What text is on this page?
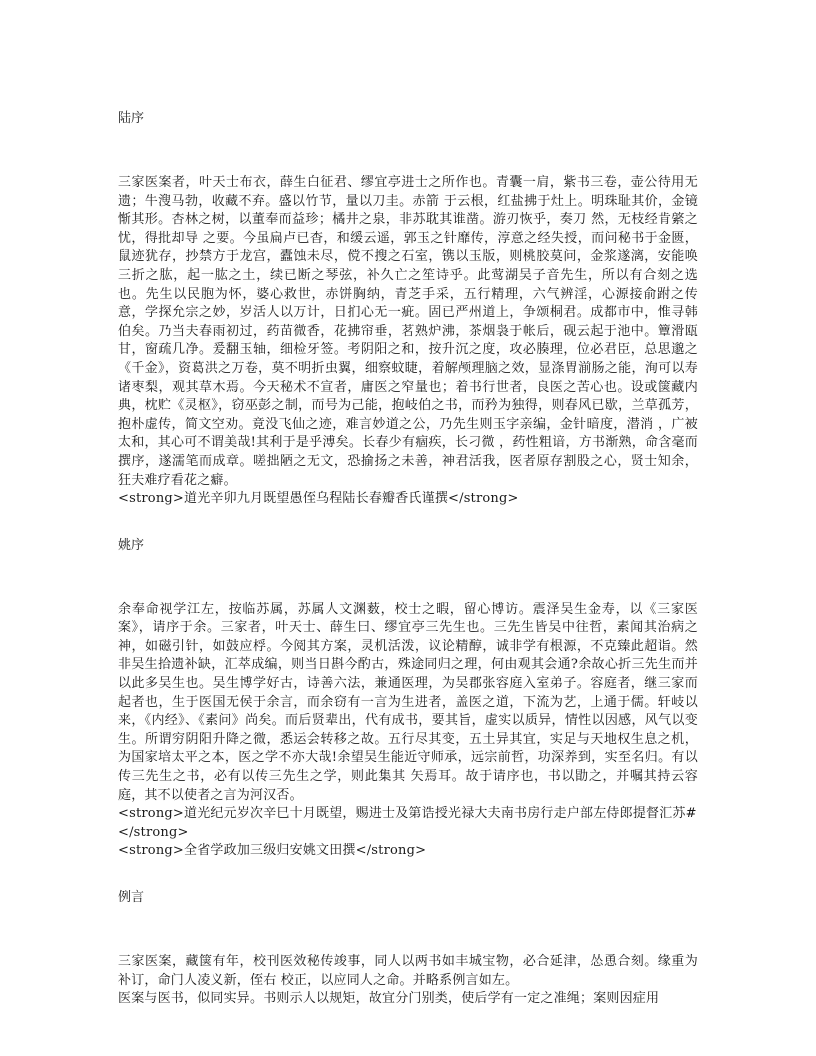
陆序

三家医案者，叶天士布衣，薛生白征君、缪宜亭进士之所作也。青囊一肩，紫书三卷，壶公待用无遗；牛溲马勃，收藏不弃。盛以竹节，量以刀圭。赤箭 于云根，红盐拂于灶上。明珠耻其价，金镜惭其形。杏林之树，以董奉而益珍；橘井之泉，非苏耽其谁凿。游刃恢乎，奏刀 然，无枝经肯綮之忧，得批却导 之要。今虽扁卢已杳，和缓云遥，郭玉之针靡传，淳意之经失授，而问秘书于金匮，鼠迹犹存，抄禁方于龙宫，蠹蚀未尽，傥不搜之石室，镌以玉版，则桃胶莫问，金浆遂漓，安能唤三折之肱，起一肱之土，续已断之琴弦，补久亡之笙诗乎。此莺湖吴子音先生，所以有合刻之选也。先生以民胞为怀，婆心救世，赤饼胸纳，青芝手采，五行精理，六气辨淫，心源接俞跗之传意，学探允宗之妙，岁活人以万计，日扪心无一疵。固已严州道上，争颂桐君。成都市中，惟寻韩伯矣。乃当夫春雨初过，药苗微香，花拂帘垂，茗熟炉沸，茶烟袅于帐后，砚云起于池中。簟滑瓯甘，窗疏几净。爰翻玉轴，细检牙签。考阴阳之和，按升沉之度，攻必腠理，位必君臣，总思邈之《千金》，资葛洪之万卷，莫不明折虫翼，细察蚊睫，着解颅理脑之效，显涤胃湔肠之能，洵可以寿诸枣梨，观其草木焉。今天秘术不宣者，庸医之窄量也；着书行世者，良医之苦心也。设或箧藏内典，枕贮《灵枢》，窃巫彭之制，而号为己能，抱岐伯之书，而矜为独得，则春风已歇，兰草孤芳，抱朴虚传，简文空劝。竟没飞仙之迹，难言妙道之公，乃先生则玉字亲编，金针暗度，潜消 ，广被太和，其心可不谓美哉!其利于是乎溥矣。长春少有痼疾，长刁微 ，药性粗谙，方书渐熟，命含毫而撰序，遂濡笔而成章。嗟拙陋之无文，恐揄扬之未善，神君活我，医者原存割股之心，贤士知余，狂夫难疗看花之癖。

<strong>道光辛卯九月既望愚侄乌程陆长春瓣香氏谨撰</strong>

姚序

余奉命视学江左，按临苏属，苏属人文渊薮，校士之暇，留心博访。震泽吴生金寿，以《三家医案》，请序于余。三家者，叶天士、薛生曰、缪宜亭三先生也。三先生皆吴中往哲，素闻其治病之神，如磁引针，如鼓应桴。今阅其方案，灵机活泼，议论精醇，诚非学有根源，不克臻此超诣。然非吴生拾遗补缺，汇萃成编，则当日斟今酌古，殊途同归之理，何由观其会通?余故心折三先生而并以此多吴生也。吴生博学好古，诗善六法，兼通医理，为吴郡张容庭入室弟子。容庭者，继三家而起者也，生于医国无侯于余言，而余窃有一言为生进者，盖医之道，下流为艺，上通于儒。轩岐以来，《内经》、《素问》尚矣。而后贤辈出，代有成书，要其旨，虚实以质异，情性以因感，风气以变生。所谓穷阴阳升降之微，悉运会转移之故。五行尽其变，五土异其宜，实足与天地权生息之机，为国家培太平之本，医之学不亦大哉!余望吴生能近守师承，远宗前哲，功深养到，实至名归。有以传三先生之书，必有以传三先生之学，则此集其 矢焉耳。故于请序也，书以勖之，并嘱其持云容庭，其不以使者之言为河汉否。

<strong>道光纪元岁次辛巳十月既望，赐进士及第诰授光禄大夫南书房行走户部左侍郎提督汇苏#</strong>

<strong>全省学政加三级归安姚文田撰</strong>

例言

三家医案，藏箧有年，校刊医效秘传竣事，同人以两书如丰城宝物，必合延津，怂恿合刻。缘重为补订，命门人凌义新，侄右 校正，以应同人之命。并略系例言如左。

医案与医书，似同实异。书则示人以规矩，故宜分门别类，使后学有一定之准绳；案则因症用
